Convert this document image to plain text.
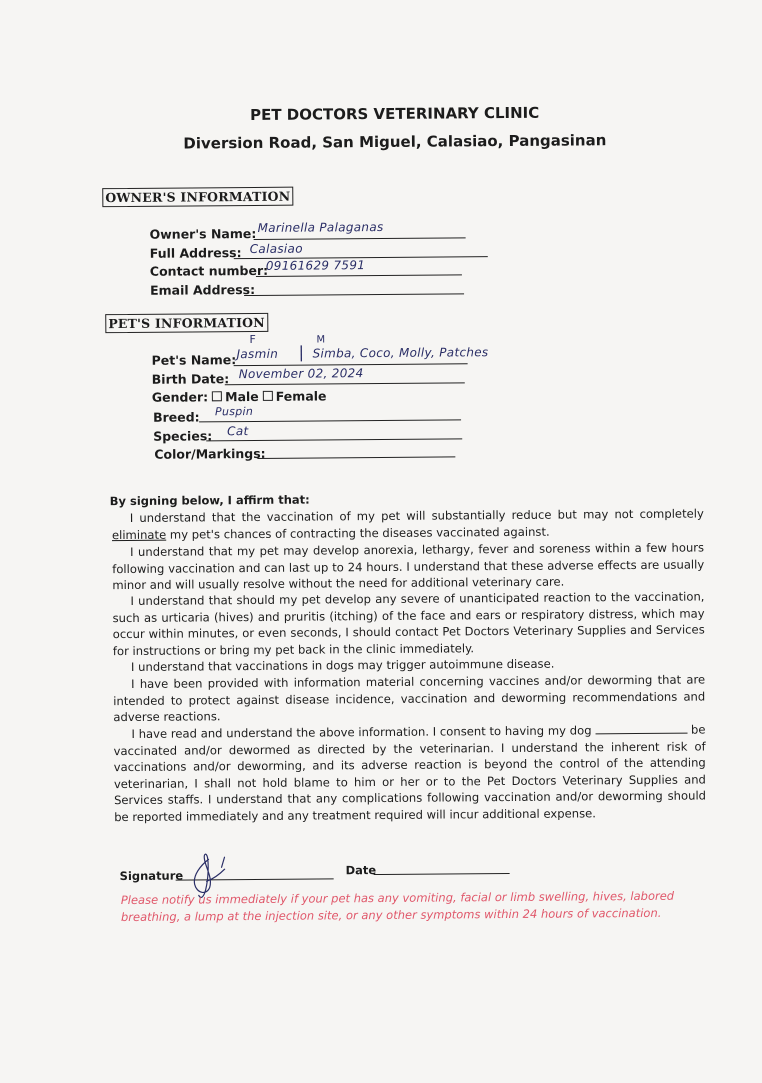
PET DOCTORS VETERINARY CLINIC
Diversion Road, San Miguel, Calasiao, Pangasinan
OWNER'S INFORMATION
Owner's Name: Marinella Palaganas
Full Address: Calasiao
Contact number:
09161629 7591
Email Address:
PET'S INFORMATION
F	M
Pet's Name: Jasmin | Simba, Coco, Molly, Patches
Birth Date: November 02, 2024
Gender: Male Female
Breed: Puspin
Species: Cat
Color/Markings:
By signing below, I affirm that:

I understand that the vaccination of my pet will substantially reduce but may not completely eliminate my pet's chances of contracting the diseases vaccinated against.

I understand that my pet may develop anorexia, lethargy, fever and soreness within a few hours following vaccination and can last up to 24 hours. I understand that these adverse effects are usually minor and will usually resolve without the need for additional veterinary care.

I understand that should my pet develop any severe of unanticipated reaction to the vaccination, such as urticaria (hives) and pruritis (itching) of the face and ears or respiratory distress, which may occur within minutes, or even seconds, I should contact Pet Doctors Veterinary Supplies and Services for instructions or bring my pet back in the clinic immediately.

I understand that vaccinations in dogs may trigger autoimmune disease.

I have been provided with information material concerning vaccines and/or deworming that are intended to protect against disease incidence, vaccination and deworming recommendations and adverse reactions.

I have read and understand the above information. I consent to having my dog	be vaccinated and/or dewormed as directed by the veterinarian. I understand the inherent risk of vaccinations and/or deworming, and its adverse reaction is beyond the control of the attending veterinarian, I shall not hold blame to him or her or to the Pet Doctors Veterinary Supplies and Services staffs. I understand that any complications following vaccination and/or deworming should be reported immediately and any treatment required will incur additional expense.

Signature	Date
Please notify us immediately if your pet has any vomiting, facial or limb swelling, hives, labored breathing, a lump at the injection site, or any other symptoms within 24 hours of vaccination.
